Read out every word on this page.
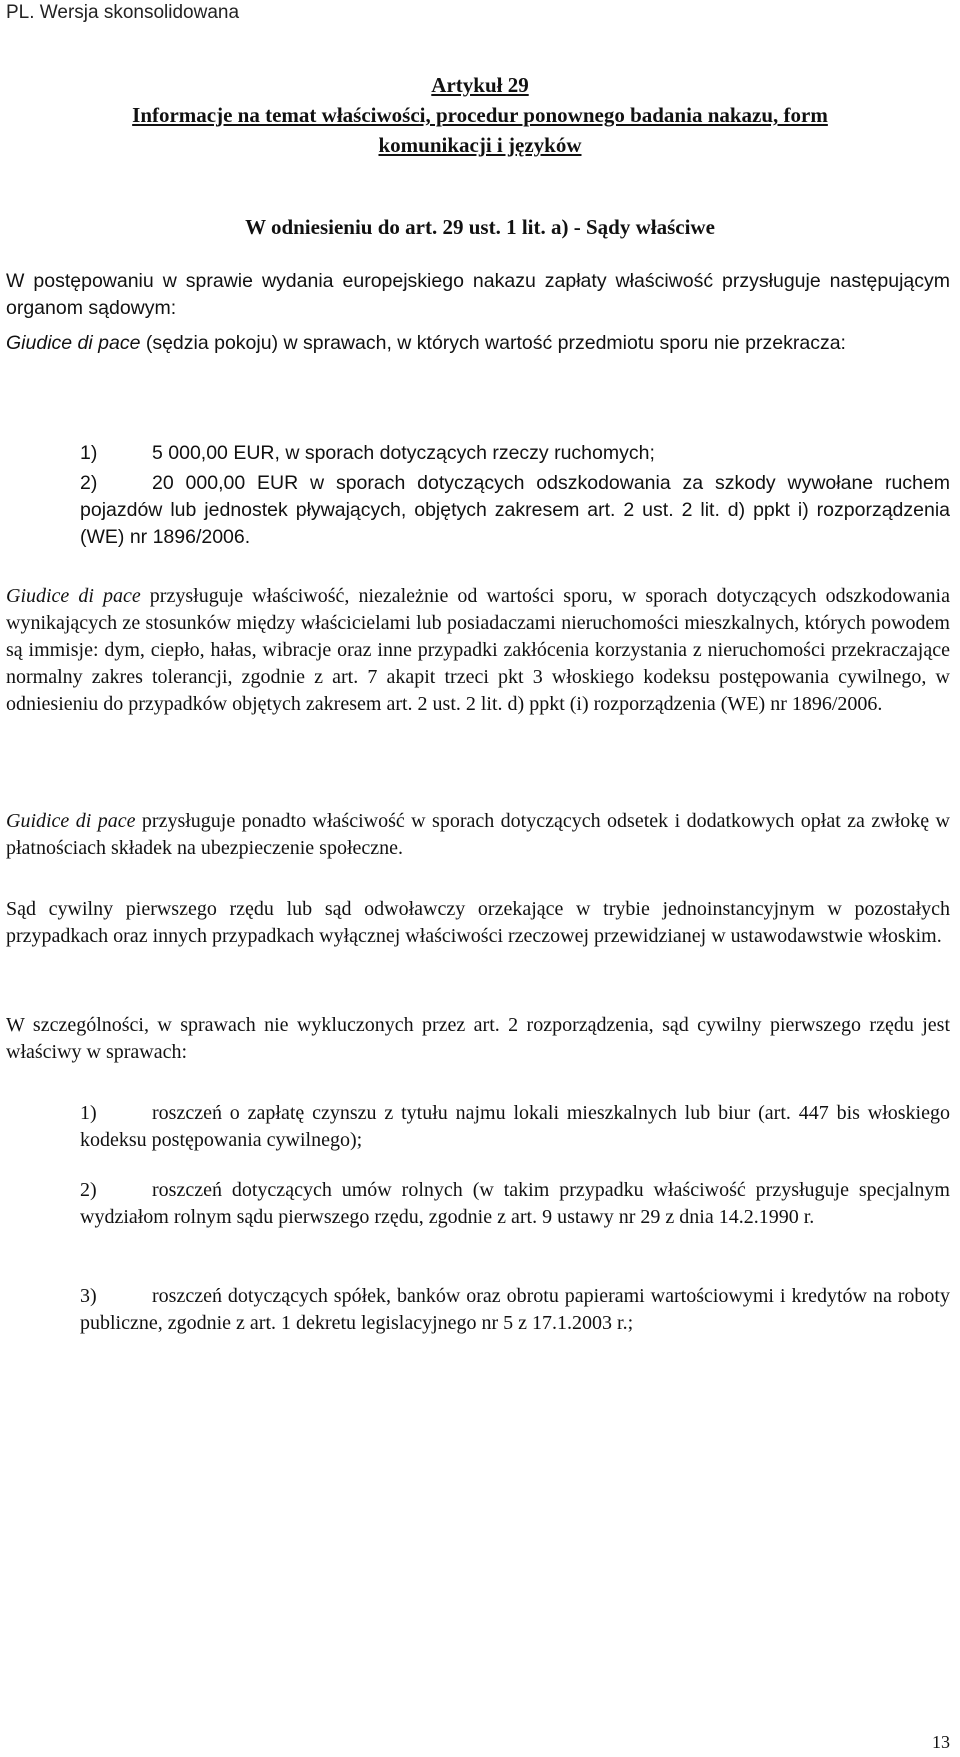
PL. Wersja skonsolidowana
Artykuł 29
Informacje na temat właściwości, procedur ponownego badania nakazu, form
komunikacji i języków
W odniesieniu do art. 29 ust. 1 lit. a) - Sądy właściwe
W postępowaniu w sprawie wydania europejskiego nakazu zapłaty właściwość przysługuje następującym organom sądowym:
Giudice di pace (sędzia pokoju) w sprawach, w których wartość przedmiotu sporu nie przekracza:
1)	5 000,00 EUR, w sporach dotyczących rzeczy ruchomych;
2)	20 000,00 EUR w sporach dotyczących odszkodowania za szkody wywołane ruchem pojazdów lub jednostek pływających, objętych zakresem art. 2 ust. 2 lit. d) ppkt i) rozporządzenia (WE) nr 1896/2006.
Giudice di pace przysługuje właściwość, niezależnie od wartości sporu, w sporach dotyczących odszkodowania wynikających ze stosunków między właścicielami lub posiadaczami nieruchomości mieszkalnych, których powodem są immisje: dym, ciepło, hałas, wibracje oraz inne przypadki zakłócenia korzystania z nieruchomości przekraczające normalny zakres tolerancji, zgodnie z art. 7 akapit trzeci pkt 3 włoskiego kodeksu postępowania cywilnego, w odniesieniu do przypadków objętych zakresem art. 2 ust. 2 lit. d) ppkt (i) rozporządzenia (WE) nr 1896/2006.
Guidice di pace przysługuje ponadto właściwość w sporach dotyczących odsetek i dodatkowych opłat za zwłokę w płatnościach składek na ubezpieczenie społeczne.
Sąd cywilny pierwszego rzędu lub sąd odwoławczy orzekające w trybie jednoinstancyjnym w pozostałych przypadkach oraz innych przypadkach wyłącznej właściwości rzeczowej przewidzianej w ustawodawstwie włoskim.
W szczególności, w sprawach nie wykluczonych przez art. 2 rozporządzenia, sąd cywilny pierwszego rzędu jest właściwy w sprawach:
1)	roszczeń o zapłatę czynszu z tytułu najmu lokali mieszkalnych lub biur (art. 447 bis włoskiego kodeksu postępowania cywilnego);
2)	roszczeń dotyczących umów rolnych (w takim przypadku właściwość przysługuje specjalnym wydziałom rolnym sądu pierwszego rzędu, zgodnie z art. 9 ustawy nr 29 z dnia 14.2.1990 r.
3)	roszczeń dotyczących spółek, banków oraz obrotu papierami wartościowymi i kredytów na roboty publiczne, zgodnie z art. 1 dekretu legislacyjnego nr 5 z 17.1.2003 r.;
13
